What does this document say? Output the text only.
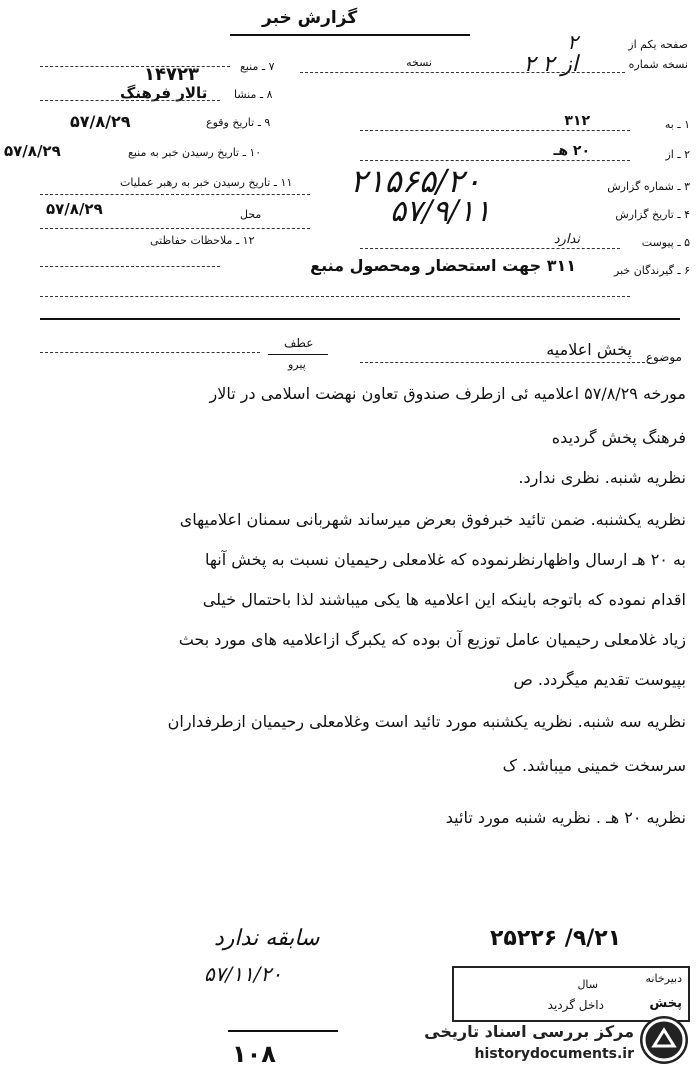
گزارش خبر
صفحه یکم از
۲
نسخه	نسخه شماره
۲ از ۲
۱ ـ به
۳۱۲
۲ ـ از
۲۰ هـ
۳ ـ شماره گزارش
۲۱۵۶۵/۲۰
۴ ـ تاریخ گزارش
۵۷/۹/۱۱
۵ ـ پیوست
ندارد
۶ ـ گیرندگان خبر
۳۱۱ جهت استحضار ومحصول منبع
۷ ـ منبع
۱۴۷۲۳
۸ ـ منشا
تالار فرهنگ
۹ ـ تاریخ وقوع
۵۷/۸/۲۹
۱۰ ـ تاریخ رسیدن خبر به منبع
۵۷/۸/۲۹
۱۱ ـ تاریخ رسیدن خبر به رهبر عملیات
۵۷/۸/۲۹	محل
۱۲ ـ ملاحظات حفاظتی
عطف
پیرو
موضوع
پخش اعلامیه
مورخه ۵۷/۸/۲۹ اعلامیه ئی ازطرف صندوق تعاون نهضت اسلامی در تالار
فرهنگ پخش گردیده
نظریه شنبه. نظری ندارد.
نظریه یکشنبه. ضمن تائید خبرفوق بعرض میرساند شهربانی سمنان اعلامیهای
به ۲۰ هـ ارسال واظهارنظرنموده که غلامعلی رحیمیان نسبت به پخش آنها
اقدام نموده که باتوجه باینکه این اعلامیه ها یکی میباشند لذا باحتمال خیلی
زیاد غلامعلی رحیمیان عامل توزیع آن بوده که یکبرگ ازاعلامیه های مورد بحث
بپیوست تقدیم میگردد. ص
نظریه سه شنبه. نظریه یکشنبه مورد تائید است وغلامعلی رحیمیان ازطرفداران
سرسخت خمینی میباشد. ک
نظریه ۲۰ هـ . نظریه شنبه مورد تائید
سابقه ندارد
۵۷/۱۱/۲۰
۲۵۲۲۶ /۹/۲۱
دبیرخانه
سال
پخش
داخل گردید
۱۰۸
مرکز بررسی اسناد تاریخی
historydocuments.ir
